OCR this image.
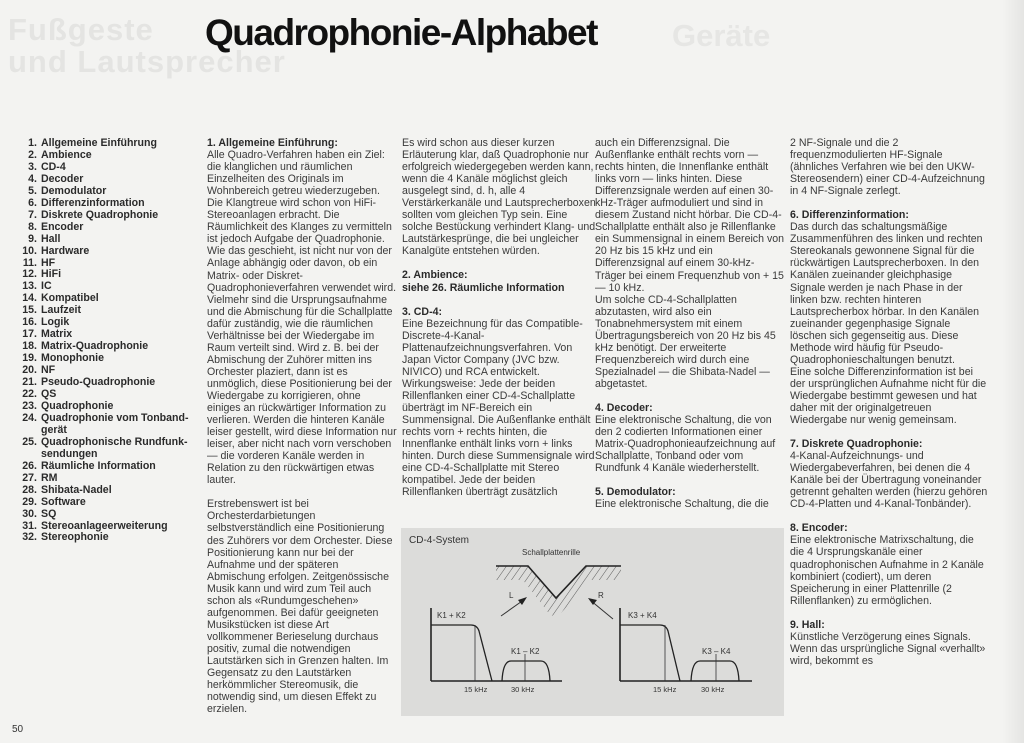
Fußgeste
und Lautsprecher
Geräte
Quadrophonie-Alphabet
1. Allgemeine Einführung
2. Ambience
3. CD-4
4. Decoder
5. Demodulator
6. Differenzinformation
7. Diskrete Quadrophonie
8. Encoder
9. Hall
10. Hardware
11. HF
12. HiFi
13. IC
14. Kompatibel
15. Laufzeit
16. Logik
17. Matrix
18. Matrix-Quadrophonie
19. Monophonie
20. NF
21. Pseudo-Quadrophonie
22. QS
23. Quadrophonie
24. Quadrophonie vom Tonband-
gerät
25. Quadrophonische Rundfunk-
sendungen
26. Räumliche Information
27. RM
28. Shibata-Nadel
29. Software
30. SQ
31. Stereoanlageerweiterung
32. Stereophonie
1. Allgemeine Einführung:

Alle Quadro-Verfahren haben ein Ziel: die klanglichen und räumlichen Einzelheiten des Originals im Wohnbereich getreu wiederzugeben. Die Klangtreue wird schon von HiFi-Stereoanlagen erbracht. Die Räumlichkeit des Klanges zu vermitteln ist jedoch Aufgabe der Quadrophonie. Wie das geschieht, ist nicht nur von der Anlage abhängig oder davon, ob ein Matrix- oder Diskret-Quadrophonieverfahren verwendet wird. Vielmehr sind die Ursprungsaufnahme und die Abmischung für die Schallplatte dafür zuständig, wie die räumlichen Verhältnisse bei der Wiedergabe im Raum verteilt sind. Wird z. B. bei der Abmischung der Zuhörer mitten ins Orchester plaziert, dann ist es unmöglich, diese Positionierung bei der Wiedergabe zu korrigieren, ohne einiges an rückwärtiger Information zu verlieren. Werden die hinteren Kanäle leiser gestellt, wird diese Information nur leiser, aber nicht nach vorn verschoben — die vorderen Kanäle werden in Relation zu den rückwärtigen etwas lauter.

Erstrebenswert ist bei Orchesterdarbietungen selbstverständlich eine Positionierung des Zuhörers vor dem Orchester. Diese Positionierung kann nur bei der Aufnahme und der späteren Abmischung erfolgen. Zeitgenössische Musik kann und wird zum Teil auch schon als «Rundumgeschehen» aufgenommen. Bei dafür geeigneten Musikstücken ist diese Art vollkommener Berieselung durchaus positiv, zumal die notwendigen Lautstärken sich in Grenzen halten. Im Gegensatz zu den Lautstärken herkömmlicher Stereomusik, die notwendig sind, um diesen Effekt zu erzielen.

Es wird schon aus dieser kurzen Erläuterung klar, daß Quadrophonie nur erfolgreich wiedergegeben werden kann, wenn die 4 Kanäle möglichst gleich ausgelegt sind, d. h, alle 4 Verstärkerkanäle und Lautsprecherboxen sollten vom gleichen Typ sein. Eine solche Bestückung verhindert Klang- und Lautstärkesprünge, die bei ungleicher Kanalgüte entstehen würden.

2. Ambience:

siehe 26. Räumliche Information

3. CD-4:

Eine Bezeichnung für das Compatible-Discrete-4-Kanal-Plattenaufzeichnungsverfahren. Von Japan Victor Company (JVC bzw. NIVICO) und RCA entwickelt.

Wirkungsweise: Jede der beiden Rillenflanken einer CD-4-Schallplatte überträgt im NF-Bereich ein Summensignal. Die Außenflanke enthält rechts vorn + rechts hinten, die Innenflanke enthält links vorn + links hinten. Durch diese Summensignale wird eine CD-4-Schallplatte mit Stereo kompatibel. Jede der beiden Rillenflanken überträgt zusätzlich

auch ein Differenzsignal. Die Außenflanke enthält rechts vorn — rechts hinten, die Innenflanke enthält links vorn — links hinten. Diese Differenzsignale werden auf einen 30-kHz-Träger aufmoduliert und sind in diesem Zustand nicht hörbar. Die CD-4-Schallplatte enthält also je Rillenflanke ein Summensignal in einem Bereich von 20 Hz bis 15 kHz und ein Differenzsignal auf einem 30-kHz-Träger bei einem Frequenzhub von + 15 — 10 kHz.

Um solche CD-4-Schallplatten abzutasten, wird also ein Tonabnehmersystem mit einem Übertragungsbereich von 20 Hz bis 45 kHz benötigt. Der erweiterte Frequenzbereich wird durch eine Spezialnadel — die Shibata-Nadel — abgetastet.

4. Decoder:

Eine elektronische Schaltung, die von den 2 codierten Informationen einer Matrix-Quadrophonieaufzeichnung auf Schallplatte, Tonband oder vom Rundfunk 4 Kanäle wiederherstellt.

5. Demodulator:

Eine elektronische Schaltung, die die

2 NF-Signale und die 2 frequenzmodulierten HF-Signale (ähnliches Verfahren wie bei den UKW-Stereosendern) einer CD-4-Aufzeichnung in 4 NF-Signale zerlegt.

6. Differenzinformation:

Das durch das schaltungsmäßige Zusammenführen des linken und rechten Stereokanals gewonnene Signal für die rückwärtigen Lautsprecherboxen. In den Kanälen zueinander gleichphasige Signale werden je nach Phase in der linken bzw. rechten hinteren Lautsprecherbox hörbar. In den Kanälen zueinander gegenphasige Signale löschen sich gegenseitig aus. Diese Methode wird häufig für Pseudo-Quadrophonieschaltungen benutzt.

Eine solche Differenzinformation ist bei der ursprünglichen Aufnahme nicht für die Wiedergabe bestimmt gewesen und hat daher mit der originalgetreuen Wiedergabe nur wenig gemeinsam.

7. Diskrete Quadrophonie:

4-Kanal-Aufzeichnungs- und Wiedergabeverfahren, bei denen die 4 Kanäle bei der Übertragung voneinander getrennt gehalten werden (hierzu gehören CD-4-Platten und 4-Kanal-Tonbänder).

8. Encoder:

Eine elektronische Matrixschaltung, die die 4 Ursprungskanäle einer quadrophonischen Aufnahme in 2 Kanäle kombiniert (codiert), um deren Speicherung in einer Plattenrille (2 Rillenflanken) zu ermöglichen.

9. Hall:

Künstliche Verzögerung eines Signals. Wenn das ursprüngliche Signal «verhallt» wird, bekommt es

CD-4-System
Schallplattenrille
L	R
K1 + K2
K1 – K2
15 kHz	30 kHz
K3 + K4
K3 – K4
15 kHz	30 kHz
50
